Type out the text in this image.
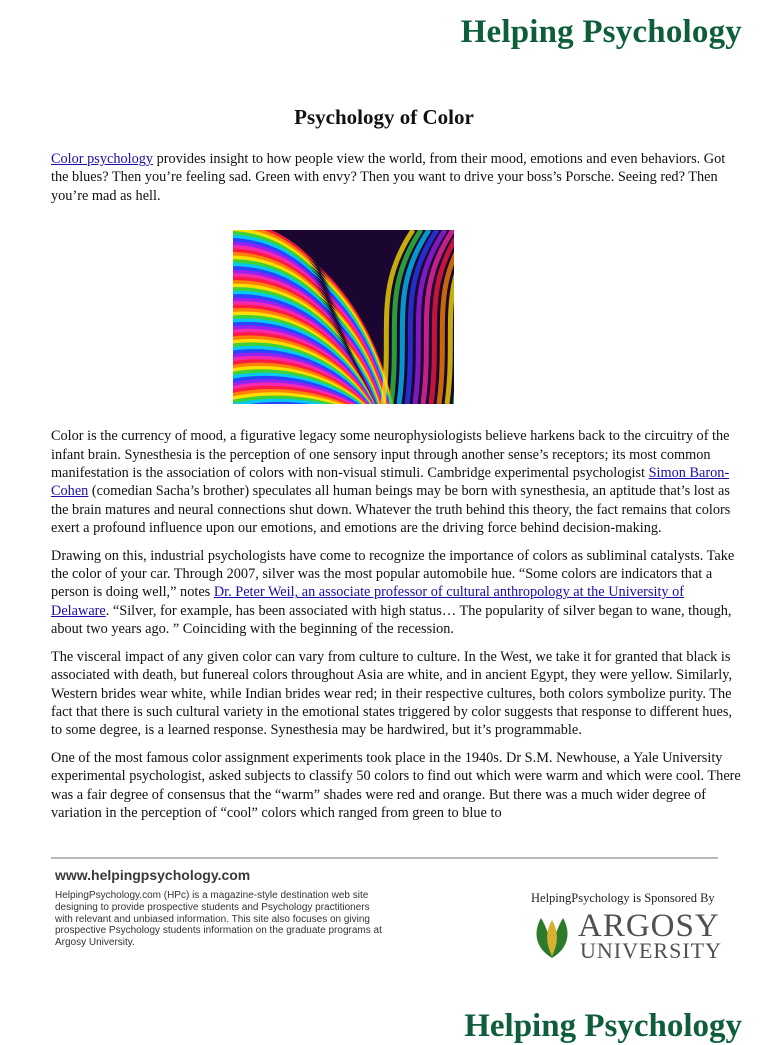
Helping Psychology
Psychology of Color

Color psychology provides insight to how people view the world, from their mood, emotions and even behaviors. Got the blues? Then you’re feeling sad. Green with envy? Then you want to drive your boss’s Porsche. Seeing red? Then you’re mad as hell.

Color is the currency of mood, a figurative legacy some neurophysiologists believe harkens back to the circuitry of the infant brain. Synesthesia is the perception of one sensory input through another sense’s receptors; its most common manifestation is the association of colors with non-visual stimuli. Cambridge experimental psychologist Simon Baron-Cohen (comedian Sacha’s brother) speculates all human beings may be born with synesthesia, an aptitude that’s lost as the brain matures and neural connections shut down. Whatever the truth behind this theory, the fact remains that colors exert a profound influence upon our emotions, and emotions are the driving force behind decision-making.

Drawing on this, industrial psychologists have come to recognize the importance of colors as subliminal catalysts. Take the color of your car. Through 2007, silver was the most popular automobile hue. “Some colors are indicators that a person is doing well,” notes Dr. Peter Weil, an associate professor of cultural anthropology at the University of Delaware. “Silver, for example, has been associated with high status… The popularity of silver began to wane, though, about two years ago. ” Coinciding with the beginning of the recession.

The visceral impact of any given color can vary from culture to culture. In the West, we take it for granted that black is associated with death, but funereal colors throughout Asia are white, and in ancient Egypt, they were yellow. Similarly, Western brides wear white, while Indian brides wear red; in their respective cultures, both colors symbolize purity. The fact that there is such cultural variety in the emotional states triggered by color suggests that response to different hues, to some degree, is a learned response. Synesthesia may be hardwired, but it’s programmable.

One of the most famous color assignment experiments took place in the 1940s. Dr S.M. Newhouse, a Yale University experimental psychologist, asked subjects to classify 50 colors to find out which were warm and which were cool. There was a fair degree of consensus that the “warm” shades were red and orange. But there was a much wider degree of variation in the perception of “cool” colors which ranged from green to blue to

www.helpingpsychology.com
HelpingPsychology.com (HPc) is a magazine-style destination web site designing to provide prospective students and Psychology practitioners with relevant and unbiased information. This site also focuses on giving prospective Psychology students information on the graduate programs at Argosy University.
HelpingPsychology is Sponsored By
ARGOSY
UNIVERSITY
Helping Psychology
